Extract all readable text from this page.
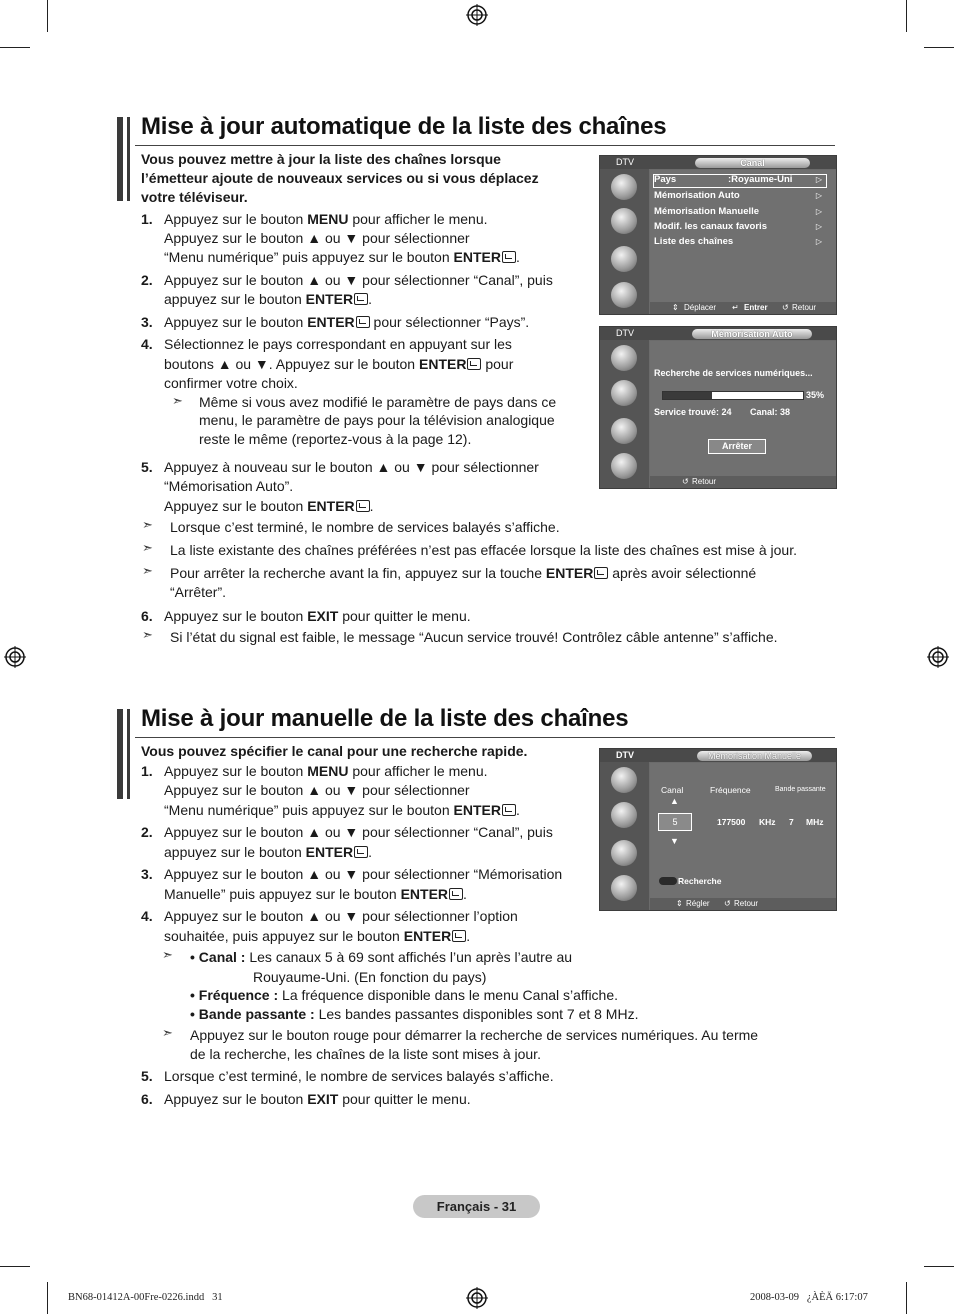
Mise à jour automatique de la liste des chaînes
Vous pouvez mettre à jour la liste des chaînes lorsque
l’émetteur ajoute de nouveaux services ou si vous déplacez
votre téléviseur.
1. Appuyez sur le bouton MENU pour afficher le menu.
Appuyez sur le bouton ▲ ou ▼ pour sélectionner
“Menu numérique” puis appuyez sur le bouton ENTER .
2. Appuyez sur le bouton ▲ ou ▼ pour sélectionner “Canal”, puis
appuyez sur le bouton ENTER .
3. Appuyez sur le bouton ENTER pour sélectionner “Pays”.
4. Sélectionnez le pays correspondant en appuyant sur les
boutons ▲ ou ▼. Appuyez sur le bouton ENTER pour
confirmer votre choix.
➣ Même si vous avez modifié le paramètre de pays dans ce
menu, le paramètre de pays pour la télévision analogique
reste le même (reportez-vous à la page 12).
5. Appuyez à nouveau sur le bouton ▲ ou ▼ pour sélectionner
“Mémorisation Auto”.
Appuyez sur le bouton ENTER .
➣ Lorsque c’est terminé, le nombre de services balayés s’affiche.
➣ La liste existante des chaînes préférées n’est pas effacée lorsque la liste des chaînes est mise à jour.
➣ Pour arrêter la recherche avant la fin, appuyez sur la touche ENTER après avoir sélectionné
“Arrêter”.
6. Appuyez sur le bouton EXIT pour quitter le menu.
➣ Si l’état du signal est faible, le message “Aucun service trouvé! Contrôlez câble antenne” s’affiche.
DTV	Canal
Pays	:Royaume-Uni	▷
Mémorisation Auto	▷
Mémorisation Manuelle	▷
Modif. les canaux favoris	▷
Liste des chaînes	▷
⇕ Déplacer ↵ Entrer ↺ Retour
DTV	Mémorisation Auto
Recherche de services numériques...
35%
Service trouvé: 24 Canal: 38
Arrêter
↺ Retour
Mise à jour manuelle de la liste des chaînes
Vous pouvez spécifier le canal pour une recherche rapide.
1. Appuyez sur le bouton MENU pour afficher le menu.
Appuyez sur le bouton ▲ ou ▼ pour sélectionner
“Menu numérique” puis appuyez sur le bouton ENTER .
2. Appuyez sur le bouton ▲ ou ▼ pour sélectionner “Canal”, puis
appuyez sur le bouton ENTER .
3. Appuyez sur le bouton ▲ ou ▼ pour sélectionner “Mémorisation
Manuelle” puis appuyez sur le bouton ENTER .
4. Appuyez sur le bouton ▲ ou ▼ pour sélectionner l’option
souhaitée, puis appuyez sur le bouton ENTER .
➣ • Canal : Les canaux 5 à 69 sont affichés l’un après l’autre au
Rouyaume-Uni. (En fonction du pays)
• Fréquence : La fréquence disponible dans le menu Canal s’affiche.
• Bande passante : Les bandes passantes disponibles sont 7 et 8 MHz.
➣ Appuyez sur le bouton rouge pour démarrer la recherche de services numériques. Au terme
de la recherche, les chaînes de la liste sont mises à jour.
5. Lorsque c’est terminé, le nombre de services balayés s’affiche.
6. Appuyez sur le bouton EXIT pour quitter le menu.
DTV	Mémorisation Manuelle
Canal	Fréquence	Bande passante
▲
5
▼
177500 KHz 7 MHz
Recherche
⇕ Régler ↺ Retour
Français - 31
BN68-01412A-00Fre-0226.indd   31	2008-03-09   ¿ÀÈÄ 6:17:07
